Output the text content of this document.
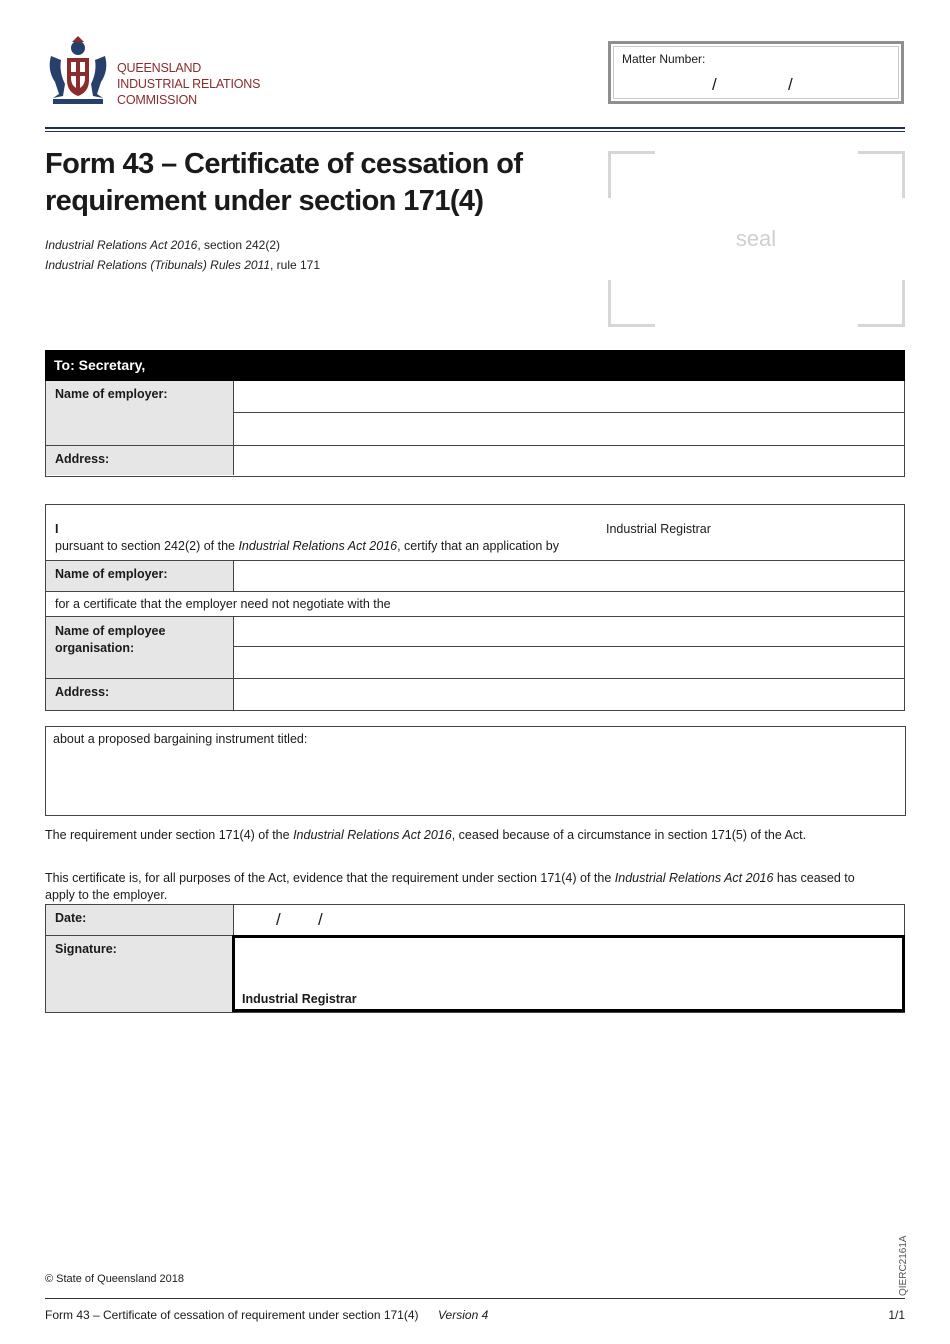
QUEENSLAND
INDUSTRIAL RELATIONS
COMMISSION
Matter Number:
/	/
Form 43 – Certificate of cessation of requirement under section 171(4)
Industrial Relations Act 2016, section 242(2)
Industrial Relations (Tribunals) Rules 2011, rule 171
seal
To: Secretary,
Name of employer:
Address:
I	Industrial Registrar
pursuant to section 242(2) of the Industrial Relations Act 2016, certify that an application by
Name of employer:
for a certificate that the employer need not negotiate with the
Name of employee organisation:
Address:
about a proposed bargaining instrument titled:
The requirement under section 171(4) of the Industrial Relations Act 2016, ceased because of a circumstance in section 171(5) of the Act.
This certificate is, for all purposes of the Act, evidence that the requirement under section 171(4) of the Industrial Relations Act 2016 has ceased to apply to the employer.
Date:	/ /
Signature:
Industrial Registrar
© State of Queensland 2018
Form 43 – Certificate of cessation of requirement under section 171(4) Version 4	1/1
QIERC2161A
